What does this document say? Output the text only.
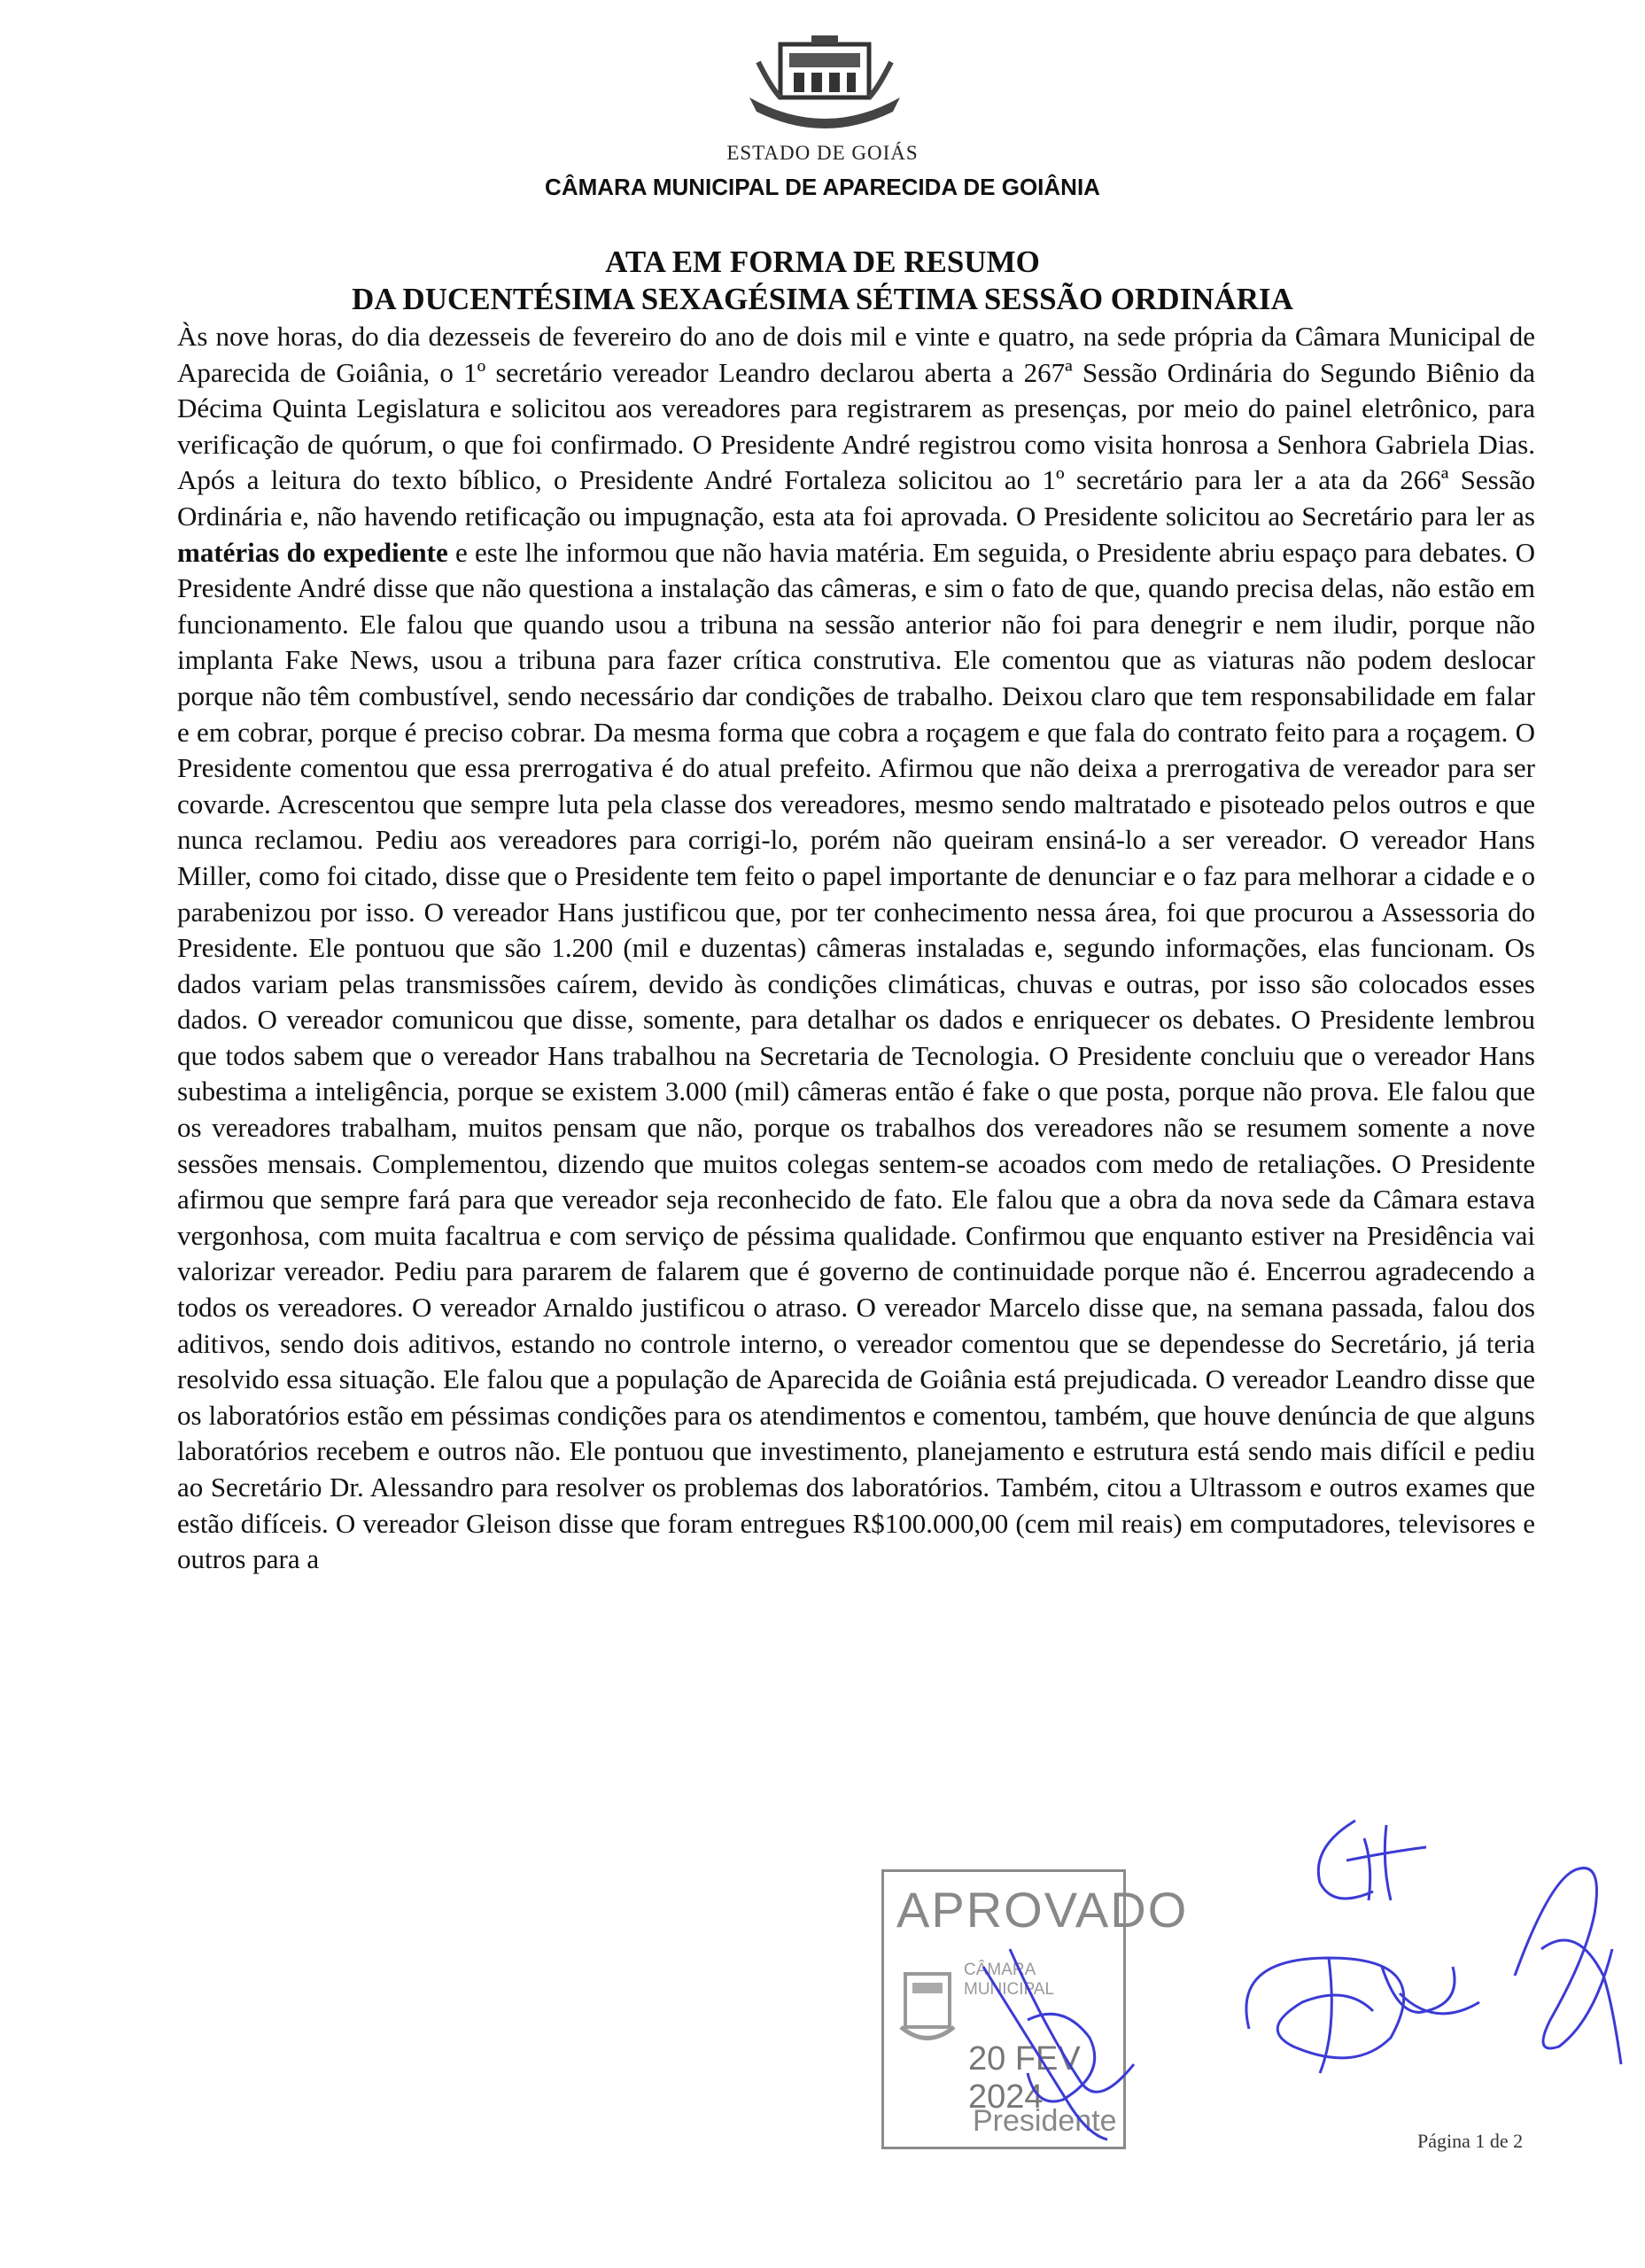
ESTADO DE GOIÁS
CÂMARA MUNICIPAL DE APARECIDA DE GOIÂNIA
ATA EM FORMA DE RESUMO
DA DUCENTÉSIMA SEXAGÉSIMA SÉTIMA SESSÃO ORDINÁRIA

Às nove horas, do dia dezesseis de fevereiro do ano de dois mil e vinte e quatro, na sede própria da Câmara Municipal de Aparecida de Goiânia, o 1º secretário vereador Leandro declarou aberta a 267ª Sessão Ordinária do Segundo Biênio da Décima Quinta Legislatura e solicitou aos vereadores para registrarem as presenças, por meio do painel eletrônico, para verificação de quórum, o que foi confirmado. O Presidente André registrou como visita honrosa a Senhora Gabriela Dias. Após a leitura do texto bíblico, o Presidente André Fortaleza solicitou ao 1º secretário para ler a ata da 266ª Sessão Ordinária e, não havendo retificação ou impugnação, esta ata foi aprovada. O Presidente solicitou ao Secretário para ler as matérias do expediente e este lhe informou que não havia matéria. Em seguida, o Presidente abriu espaço para debates. O Presidente André disse que não questiona a instalação das câmeras, e sim o fato de que, quando precisa delas, não estão em funcionamento. Ele falou que quando usou a tribuna na sessão anterior não foi para denegrir e nem iludir, porque não implanta Fake News, usou a tribuna para fazer crítica construtiva. Ele comentou que as viaturas não podem deslocar porque não têm combustível, sendo necessário dar condições de trabalho. Deixou claro que tem responsabilidade em falar e em cobrar, porque é preciso cobrar. Da mesma forma que cobra a roçagem e que fala do contrato feito para a roçagem. O Presidente comentou que essa prerrogativa é do atual prefeito. Afirmou que não deixa a prerrogativa de vereador para ser covarde. Acrescentou que sempre luta pela classe dos vereadores, mesmo sendo maltratado e pisoteado pelos outros e que nunca reclamou. Pediu aos vereadores para corrigi-lo, porém não queiram ensiná-lo a ser vereador. O vereador Hans Miller, como foi citado, disse que o Presidente tem feito o papel importante de denunciar e o faz para melhorar a cidade e o parabenizou por isso. O vereador Hans justificou que, por ter conhecimento nessa área, foi que procurou a Assessoria do Presidente. Ele pontuou que são 1.200 (mil e duzentas) câmeras instaladas e, segundo informações, elas funcionam. Os dados variam pelas transmissões caírem, devido às condições climáticas, chuvas e outras, por isso são colocados esses dados. O vereador comunicou que disse, somente, para detalhar os dados e enriquecer os debates. O Presidente lembrou que todos sabem que o vereador Hans trabalhou na Secretaria de Tecnologia. O Presidente concluiu que o vereador Hans subestima a inteligência, porque se existem 3.000 (mil) câmeras então é fake o que posta, porque não prova. Ele falou que os vereadores trabalham, muitos pensam que não, porque os trabalhos dos vereadores não se resumem somente a nove sessões mensais. Complementou, dizendo que muitos colegas sentem-se acoados com medo de retaliações. O Presidente afirmou que sempre fará para que vereador seja reconhecido de fato. Ele falou que a obra da nova sede da Câmara estava vergonhosa, com muita facaltrua e com serviço de péssima qualidade. Confirmou que enquanto estiver na Presidência vai valorizar vereador. Pediu para pararem de falarem que é governo de continuidade porque não é. Encerrou agradecendo a todos os vereadores. O vereador Arnaldo justificou o atraso. O vereador Marcelo disse que, na semana passada, falou dos aditivos, sendo dois aditivos, estando no controle interno, o vereador comentou que se dependesse do Secretário, já teria resolvido essa situação. Ele falou que a população de Aparecida de Goiânia está prejudicada. O vereador Leandro disse que os laboratórios estão em péssimas condições para os atendimentos e comentou, também, que houve denúncia de que alguns laboratórios recebem e outros não. Ele pontuou que investimento, planejamento e estrutura está sendo mais difícil e pediu ao Secretário Dr. Alessandro para resolver os problemas dos laboratórios. Também, citou a Ultrassom e outros exames que estão difíceis. O vereador Gleison disse que foram entregues R$100.000,00 (cem mil reais) em computadores, televisores e outros para a

APROVADO
CÂMARA MUNICIPAL
20 FEV 2024
Presidente
Página 1 de 2
